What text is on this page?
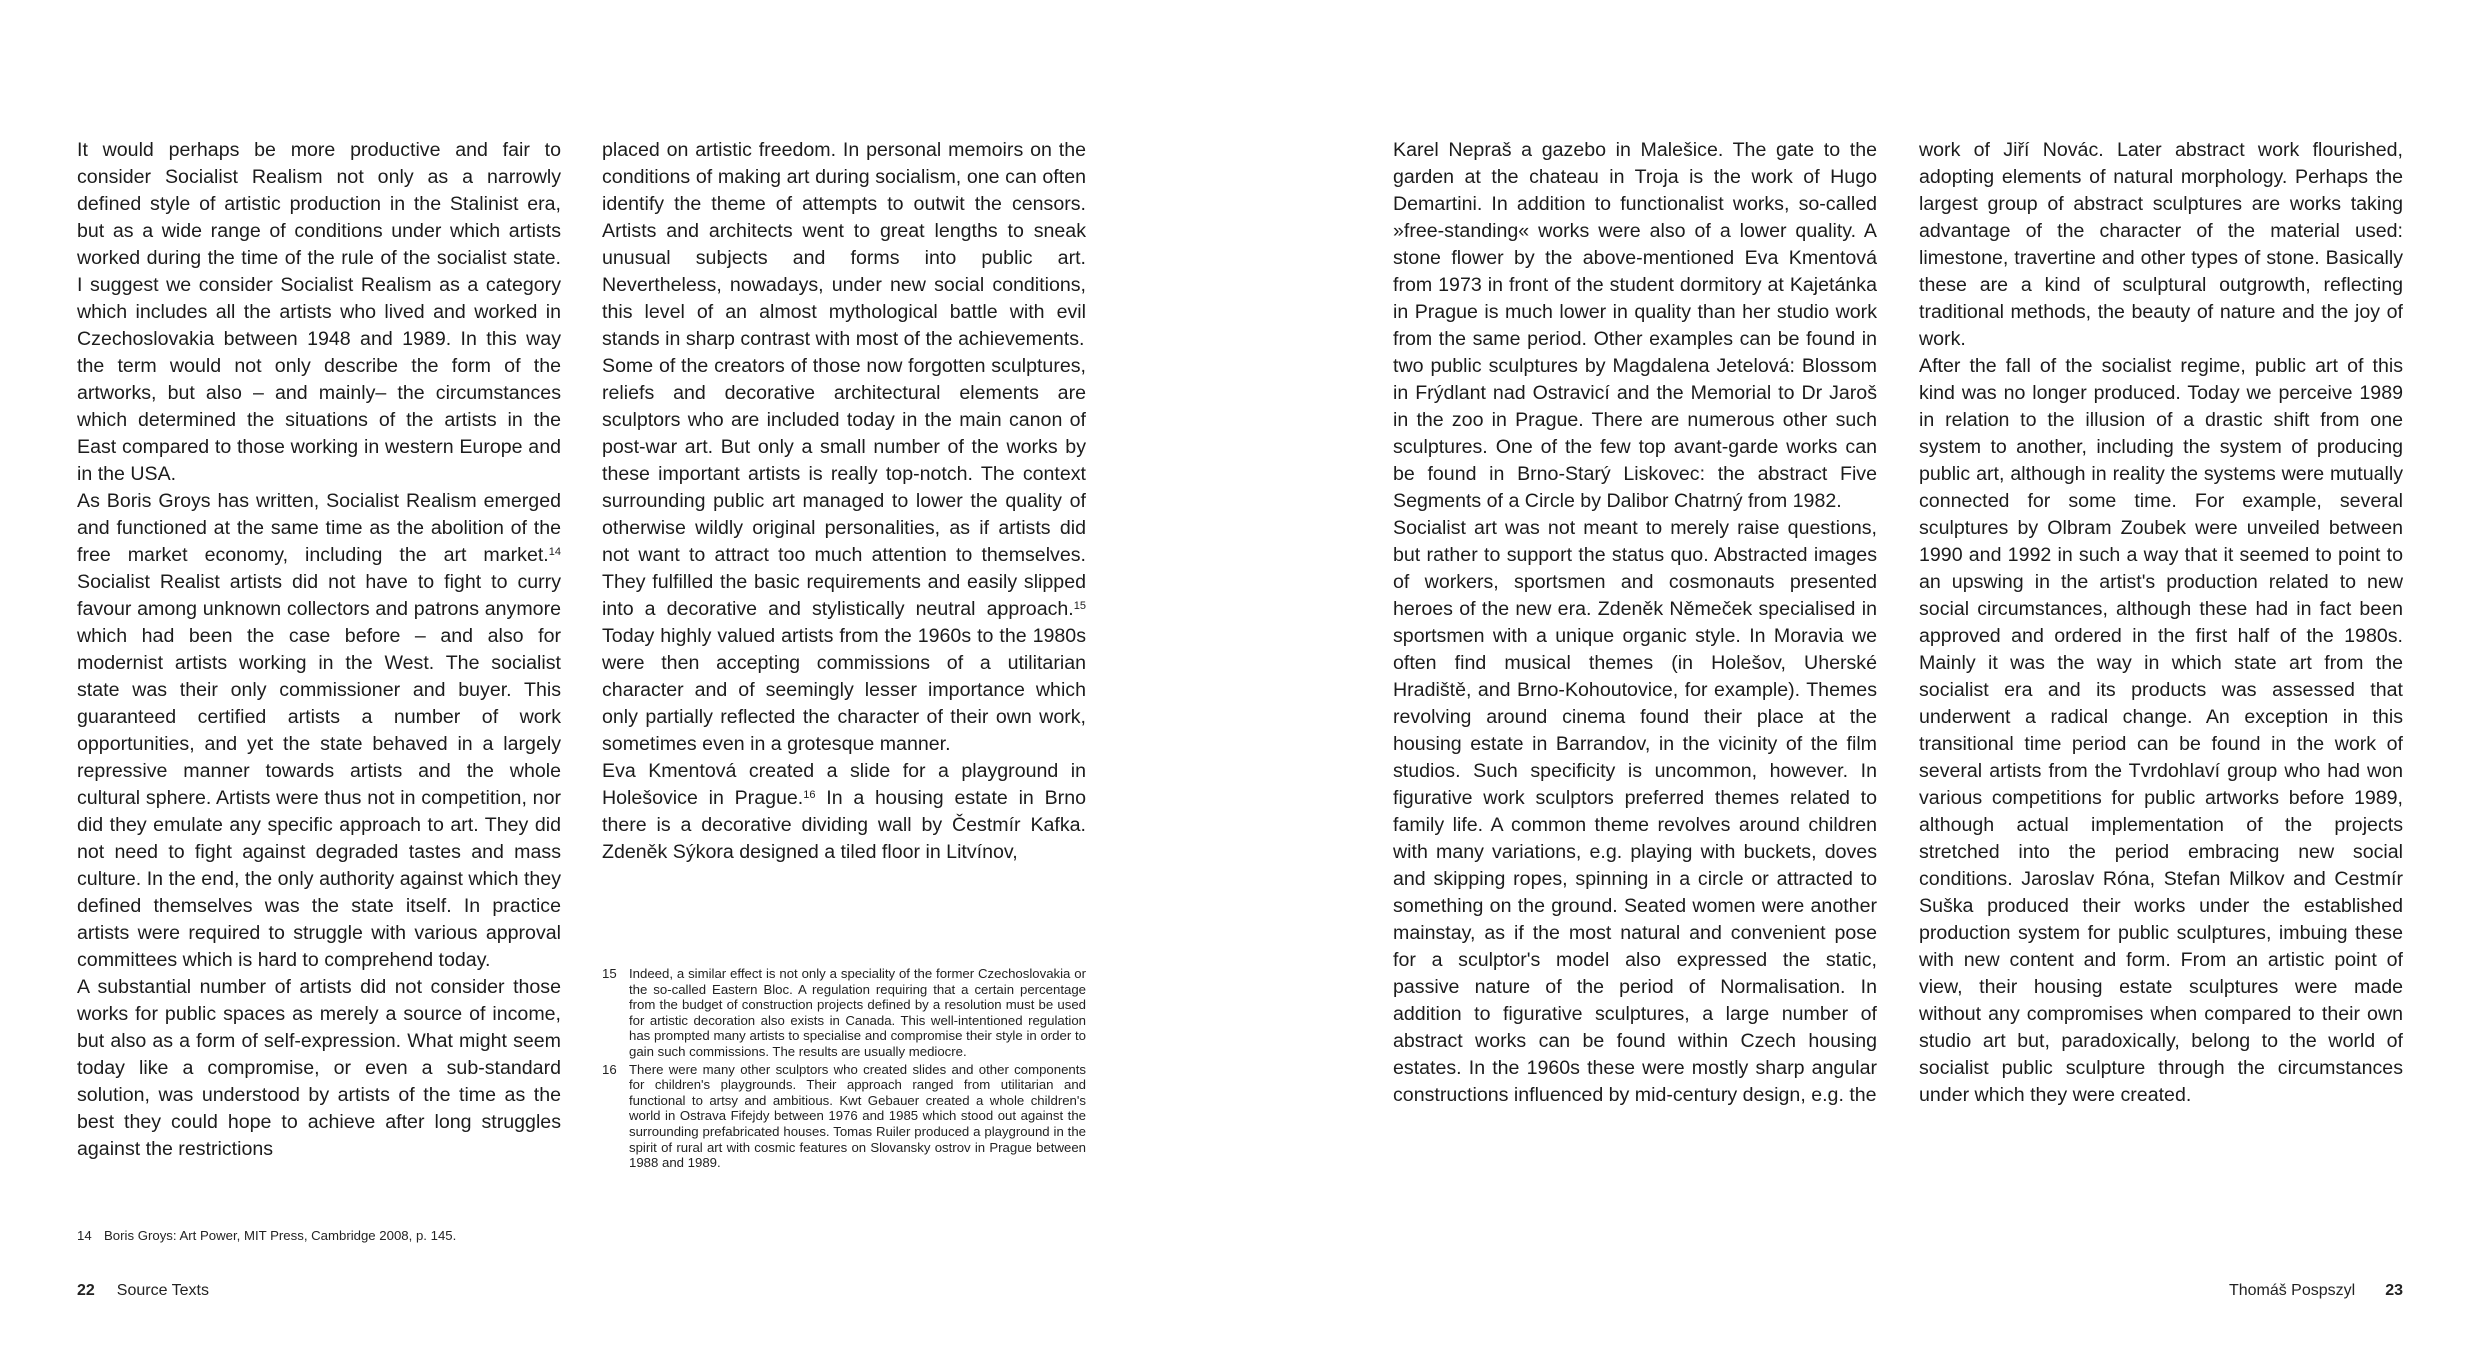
It would perhaps be more productive and fair to consider Socialist Realism not only as a narrowly defined style of artistic production in the Stalinist era, but as a wide range of conditions under which artists worked during the time of the rule of the socialist state. I suggest we consider Socialist Realism as a category which includes all the artists who lived and worked in Czechoslovakia between 1948 and 1989. In this way the term would not only describe the form of the artworks, but also – and mainly– the circumstances which determined the situations of the artists in the East compared to those working in western Europe and in the USA.

As Boris Groys has written, Socialist Realism emerged and functioned at the same time as the abolition of the free market economy, including the art market.$^{14}$ Socialist Realist artists did not have to fight to curry favour among unknown collectors and patrons anymore which had been the case before – and also for modernist artists working in the West. The socialist state was their only commissioner and buyer. This guaranteed certified artists a number of work opportunities, and yet the state behaved in a largely repressive manner towards artists and the whole cultural sphere. Artists were thus not in competition, nor did they emulate any specific approach to art. They did not need to fight against degraded tastes and mass culture. In the end, the only authority against which they defined themselves was the state itself. In practice artists were required to struggle with various approval committees which is hard to comprehend today.

A substantial number of artists did not consider those works for public spaces as merely a source of income, but also as a form of self-expression. What might seem today like a compromise, or even a sub-standard solution, was understood by artists of the time as the best they could hope to achieve after long struggles against the restrictions

placed on artistic freedom. In personal memoirs on the conditions of making art during socialism, one can often identify the theme of attempts to outwit the censors. Artists and architects went to great lengths to sneak unusual subjects and forms into public art. Nevertheless, nowadays, under new social conditions, this level of an almost mythological battle with evil stands in sharp contrast with most of the achievements.

Some of the creators of those now forgotten sculptures, reliefs and decorative architectural elements are sculptors who are included today in the main canon of post-war art. But only a small number of the works by these important artists is really top-notch. The context surrounding public art managed to lower the quality of otherwise wildly original personalities, as if artists did not want to attract too much attention to themselves. They fulfilled the basic requirements and easily slipped into a decorative and stylistically neutral approach.$^{15}$ Today highly valued artists from the 1960s to the 1980s were then accepting commissions of a utilitarian character and of seemingly lesser importance which only partially reflected the character of their own work, sometimes even in a grotesque manner.

Eva Kmentová created a slide for a playground in Holešovice in Prague.$^{16}$ In a housing estate in Brno there is a decorative dividing wall by Čestmír Kafka. Zdeněk Sýkora designed a tiled floor in Litvínov,

14 Boris Groys: Art Power, MIT Press, Cambridge 2008, p. 145.
15 Indeed, a similar effect is not only a speciality of the former Czechoslovakia or the so-called Eastern Bloc. A regulation requiring that a certain percentage from the budget of construction projects defined by a resolution must be used for artistic decoration also exists in Canada. This well-intentioned regulation has prompted many artists to specialise and compromise their style in order to gain such commissions. The results are usually mediocre.
16 There were many other sculptors who created slides and other components for children's playgrounds. Their approach ranged from utilitarian and functional to artsy and ambitious. Kwt Gebauer created a whole children's world in Ostrava Fifejdy between 1976 and 1985 which stood out against the surrounding prefabricated houses. Tomas Ruiler produced a playground in the spirit of rural art with cosmic features on Slovansky ostrov in Prague between 1988 and 1989.
22 Source Texts

Karel Nepraš a gazebo in Malešice. The gate to the garden at the chateau in Troja is the work of Hugo Demartini. In addition to functionalist works, so-called »free-standing« works were also of a lower quality. A stone flower by the above-mentioned Eva Kmentová from 1973 in front of the student dormitory at Kajetánka in Prague is much lower in quality than her studio work from the same period. Other examples can be found in two public sculptures by Magdalena Jetelová: Blossom in Frýdlant nad Ostravicí and the Memorial to Dr Jaroš in the zoo in Prague. There are numerous other such sculptures. One of the few top avant-garde works can be found in Brno-Starý Liskovec: the abstract Five Segments of a Circle by Dalibor Chatrný from 1982.

Socialist art was not meant to merely raise questions, but rather to support the status quo. Abstracted images of workers, sportsmen and cosmonauts presented heroes of the new era. Zdeněk Němeček specialised in sportsmen with a unique organic style. In Moravia we often find musical themes (in Holešov, Uherské Hradiště, and Brno-Kohoutovice, for example). Themes revolving around cinema found their place at the housing estate in Barrandov, in the vicinity of the film studios. Such specificity is uncommon, however. In figurative work sculptors preferred themes related to family life. A common theme revolves around children with many variations, e.g. playing with buckets, doves and skipping ropes, spinning in a circle or attracted to something on the ground. Seated women were another mainstay, as if the most natural and convenient pose for a sculptor's model also expressed the static, passive nature of the period of Normalisation. In addition to figurative sculptures, a large number of abstract works can be found within Czech housing estates. In the 1960s these were mostly sharp angular constructions influenced by mid-century design, e.g. the

work of Jiří Novác. Later abstract work flourished, adopting elements of natural morphology. Perhaps the largest group of abstract sculptures are works taking advantage of the character of the material used: limestone, travertine and other types of stone. Basically these are a kind of sculptural outgrowth, reflecting traditional methods, the beauty of nature and the joy of work.

After the fall of the socialist regime, public art of this kind was no longer produced. Today we perceive 1989 in relation to the illusion of a drastic shift from one system to another, including the system of producing public art, although in reality the systems were mutually connected for some time. For example, several sculptures by Olbram Zoubek were unveiled between 1990 and 1992 in such a way that it seemed to point to an upswing in the artist's production related to new social circumstances, although these had in fact been approved and ordered in the first half of the 1980s. Mainly it was the way in which state art from the socialist era and its products was assessed that underwent a radical change. An exception in this transitional time period can be found in the work of several artists from the Tvrdohlaví group who had won various competitions for public artworks before 1989, although actual implementation of the projects stretched into the period embracing new social conditions. Jaroslav Róna, Stefan Milkov and Cestmír Suška produced their works under the established production system for public sculptures, imbuing these with new content and form. From an artistic point of view, their housing estate sculptures were made without any compromises when compared to their own studio art but, paradoxically, belong to the world of socialist public sculpture through the circumstances under which they were created.

Thomáš Pospszyl 23
